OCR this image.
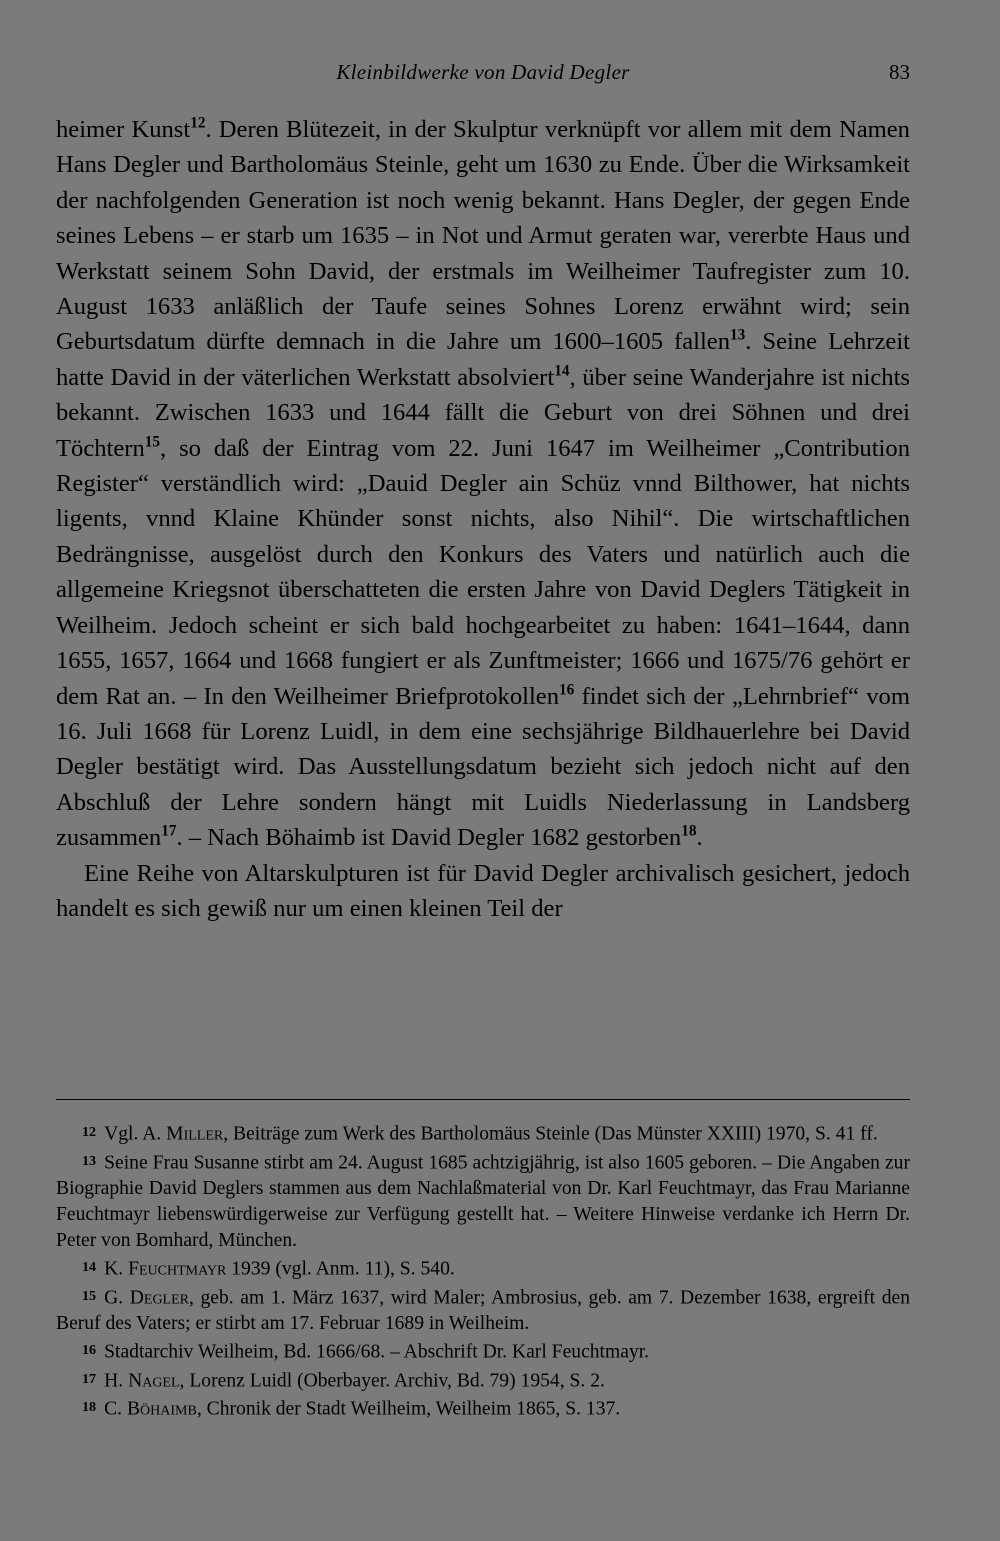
Kleinbildwerke von David Degler	83

heimer Kunst$^{12}$. Deren Blütezeit, in der Skulptur verknüpft vor allem mit dem Namen Hans Degler und Bartholomäus Steinle, geht um 1630 zu Ende. Über die Wirksamkeit der nachfolgenden Generation ist noch wenig bekannt. Hans Degler, der gegen Ende seines Lebens – er starb um 1635 – in Not und Armut geraten war, vererbte Haus und Werkstatt seinem Sohn David, der erstmals im Weilheimer Taufregister zum 10. August 1633 anläßlich der Taufe seines Sohnes Lorenz erwähnt wird; sein Geburtsdatum dürfte demnach in die Jahre um 1600–1605 fallen$^{13}$. Seine Lehrzeit hatte David in der väterlichen Werkstatt absolviert$^{14}$, über seine Wanderjahre ist nichts bekannt. Zwischen 1633 und 1644 fällt die Geburt von drei Söhnen und drei Töchtern$^{15}$, so daß der Eintrag vom 22. Juni 1647 im Weilheimer „Contribution Register“ verständlich wird: „Dauid Degler ain Schüz vnnd Bilthower, hat nichts ligents, vnnd Klaine Khünder sonst nichts, also Nihil“. Die wirtschaftlichen Bedrängnisse, ausgelöst durch den Konkurs des Vaters und natürlich auch die allgemeine Kriegsnot überschatteten die ersten Jahre von David Deglers Tätigkeit in Weilheim. Jedoch scheint er sich bald hochgearbeitet zu haben: 1641–1644, dann 1655, 1657, 1664 und 1668 fungiert er als Zunftmeister; 1666 und 1675/76 gehört er dem Rat an. – In den Weilheimer Briefprotokollen$^{16}$ findet sich der „Lehrnbrief“ vom 16. Juli 1668 für Lorenz Luidl, in dem eine sechsjährige Bildhauerlehre bei David Degler bestätigt wird. Das Ausstellungsdatum bezieht sich jedoch nicht auf den Abschluß der Lehre sondern hängt mit Luidls Niederlassung in Landsberg zusammen$^{17}$. – Nach Böhaimb ist David Degler 1682 gestorben$^{18}$.

Eine Reihe von Altarskulpturen ist für David Degler archivalisch gesichert, jedoch handelt es sich gewiß nur um einen kleinen Teil der

12 Vgl. A. Miller, Beiträge zum Werk des Bartholomäus Steinle (Das Münster XXIII) 1970, S. 41 ff.

13 Seine Frau Susanne stirbt am 24. August 1685 achtzigjährig, ist also 1605 geboren. – Die Angaben zur Biographie David Deglers stammen aus dem Nachlaßmaterial von Dr. Karl Feuchtmayr, das Frau Marianne Feuchtmayr liebenswürdigerweise zur Verfügung gestellt hat. – Weitere Hinweise verdanke ich Herrn Dr. Peter von Bomhard, München.

14 K. Feuchtmayr 1939 (vgl. Anm. 11), S. 540.

15 G. Degler, geb. am 1. März 1637, wird Maler; Ambrosius, geb. am 7. Dezember 1638, ergreift den Beruf des Vaters; er stirbt am 17. Februar 1689 in Weilheim.

16 Stadtarchiv Weilheim, Bd. 1666/68. – Abschrift Dr. Karl Feuchtmayr.

17 H. Nagel, Lorenz Luidl (Oberbayer. Archiv, Bd. 79) 1954, S. 2.

18 C. Böhaimb, Chronik der Stadt Weilheim, Weilheim 1865, S. 137.
